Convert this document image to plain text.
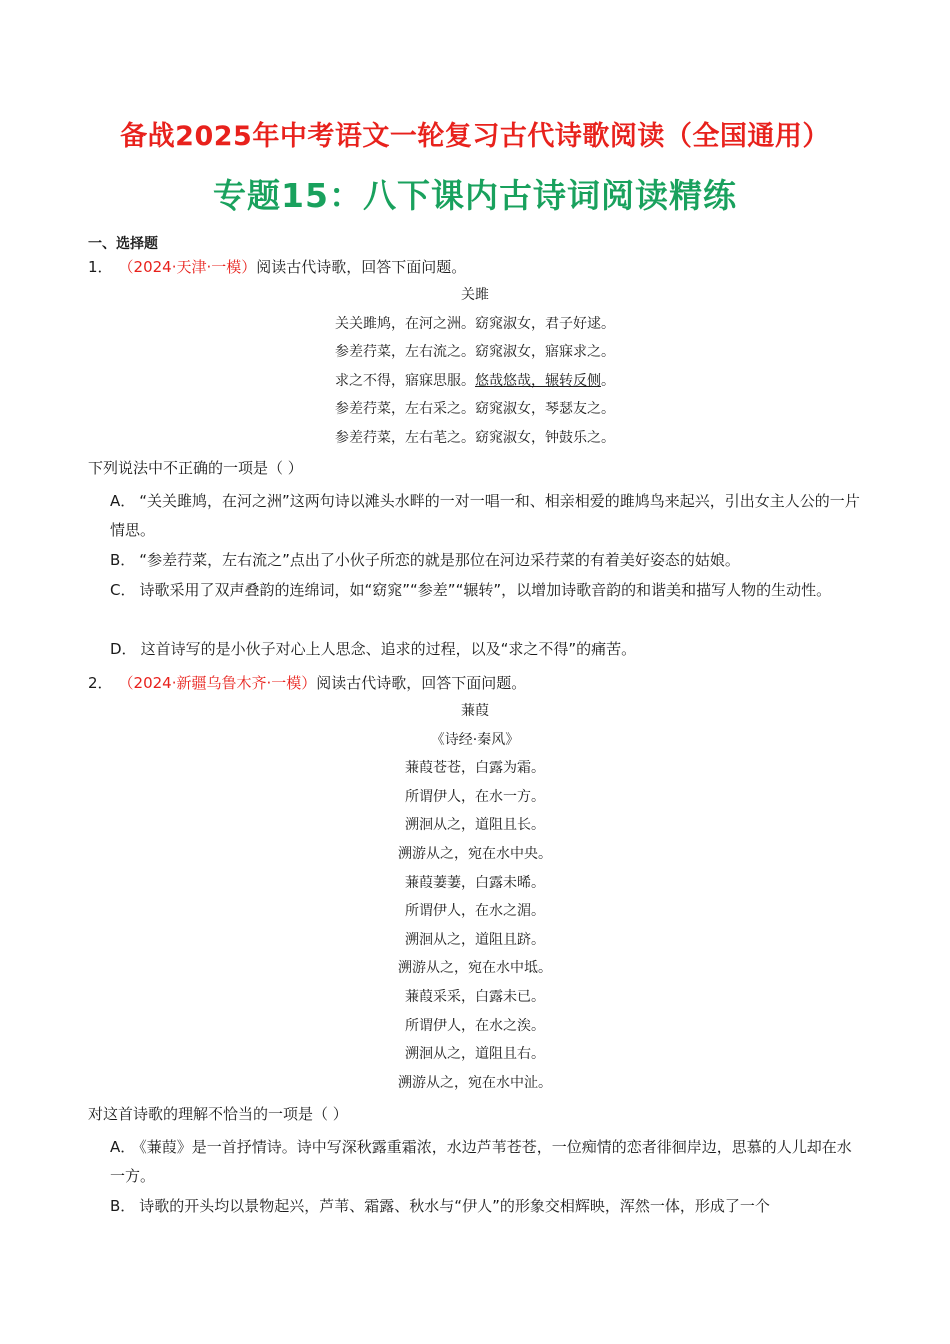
备战2025年中考语文一轮复习古代诗歌阅读（全国通用）
专题15：八下课内古诗词阅读精练
一、选择题
1． （2024·天津·一模）阅读古代诗歌，回答下面问题。
关雎
关关雎鸠，在河之洲。窈窕淑女，君子好逑。
参差荇菜，左右流之。窈窕淑女，寤寐求之。
求之不得，寤寐思服。悠哉悠哉，辗转反侧。
参差荇菜，左右采之。窈窕淑女，琴瑟友之。
参差荇菜，左右芼之。窈窕淑女，钟鼓乐之。
下列说法中不正确的一项是（ ）
A． “关关雎鸠，在河之洲”这两句诗以滩头水畔的一对一唱一和、相亲相爱的雎鸠鸟来起兴，引出女主人公的一片情思。
B． “参差荇菜，左右流之”点出了小伙子所恋的就是那位在河边采荇菜的有着美好姿态的姑娘。
C． 诗歌采用了双声叠韵的连绵词，如“窈窕”“参差”“辗转”，以增加诗歌音韵的和谐美和描写人物的生动性。
D． 这首诗写的是小伙子对心上人思念、追求的过程，以及“求之不得”的痛苦。
2． （2024·新疆乌鲁木齐·一模）阅读古代诗歌，回答下面问题。
蒹葭
《诗经·秦风》
蒹葭苍苍，白露为霜。
所谓伊人，在水一方。
溯洄从之，道阻且长。
溯游从之，宛在水中央。
蒹葭萋萋，白露未晞。
所谓伊人，在水之湄。
溯洄从之，道阻且跻。
溯游从之，宛在水中坻。
蒹葭采采，白露未已。
所谓伊人，在水之涘。
溯洄从之，道阻且右。
溯游从之，宛在水中沚。
对这首诗歌的理解不恰当的一项是（ ）
A． 《蒹葭》是一首抒情诗。诗中写深秋露重霜浓，水边芦苇苍苍，一位痴情的恋者徘徊岸边，思慕的人儿却在水一方。
B． 诗歌的开头均以景物起兴，芦苇、霜露、秋水与“伊人”的形象交相辉映，浑然一体，形成了一个
